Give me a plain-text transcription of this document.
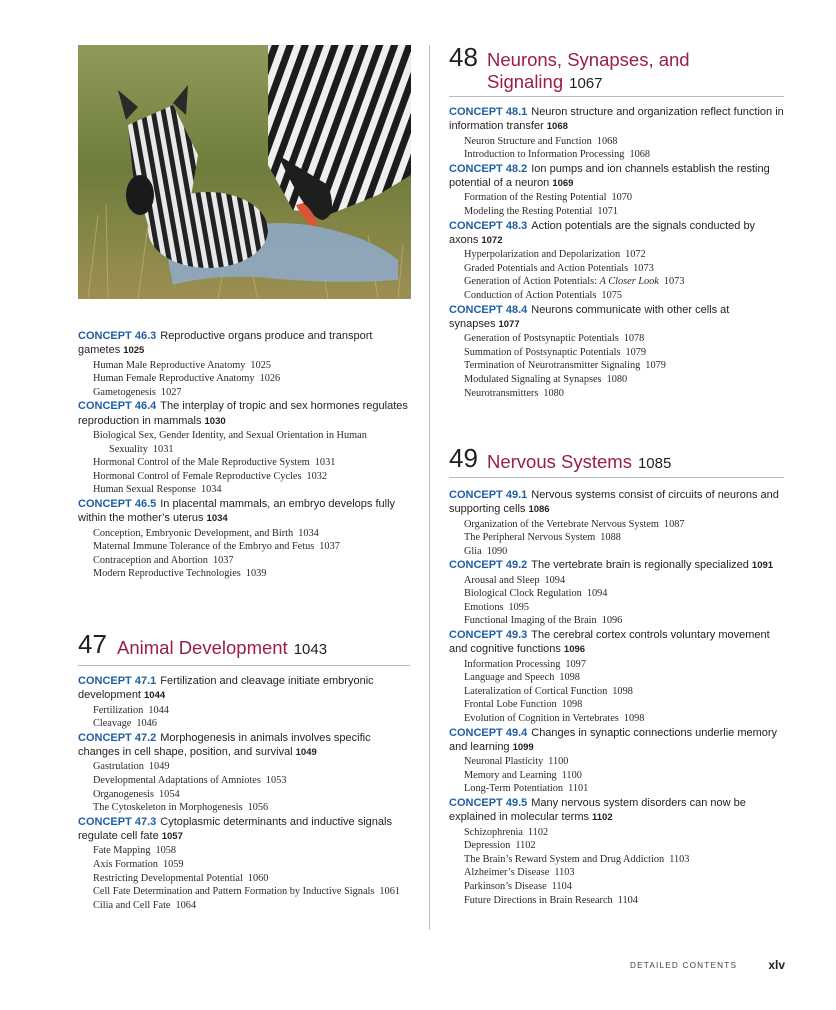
CONCEPT 46.3 Reproductive organs produce and transport gametes 1025

Human Male Reproductive Anatomy 1025

Human Female Reproductive Anatomy 1026

Gametogenesis 1027

CONCEPT 46.4 The interplay of tropic and sex hormones regulates reproduction in mammals 1030

Biological Sex, Gender Identity, and Sexual Orientation in Human Sexuality 1031

Hormonal Control of the Male Reproductive System 1031

Hormonal Control of Female Reproductive Cycles 1032

Human Sexual Response 1034

CONCEPT 46.5 In placental mammals, an embryo develops fully within the mother’s uterus 1034

Conception, Embryonic Development, and Birth 1034

Maternal Immune Tolerance of the Embryo and Fetus 1037

Contraception and Abortion 1037

Modern Reproductive Technologies 1039

47 Animal Development 1043

CONCEPT 47.1 Fertilization and cleavage initiate embryonic development 1044

Fertilization 1044

Cleavage 1046

CONCEPT 47.2 Morphogenesis in animals involves specific changes in cell shape, position, and survival 1049

Gastrulation 1049

Developmental Adaptations of Amniotes 1053

Organogenesis 1054

The Cytoskeleton in Morphogenesis 1056

CONCEPT 47.3 Cytoplasmic determinants and inductive signals regulate cell fate 1057

Fate Mapping 1058

Axis Formation 1059

Restricting Developmental Potential 1060

Cell Fate Determination and Pattern Formation by Inductive Signals 1061

Cilia and Cell Fate 1064

48 Neurons, Synapses, and
Signaling 1067

CONCEPT 48.1 Neuron structure and organization reflect function in information transfer 1068

Neuron Structure and Function 1068

Introduction to Information Processing 1068

CONCEPT 48.2 Ion pumps and ion channels establish the resting potential of a neuron 1069

Formation of the Resting Potential 1070

Modeling the Resting Potential 1071

CONCEPT 48.3 Action potentials are the signals conducted by axons 1072

Hyperpolarization and Depolarization 1072

Graded Potentials and Action Potentials 1073

Generation of Action Potentials: A Closer Look 1073

Conduction of Action Potentials 1075

CONCEPT 48.4 Neurons communicate with other cells at synapses 1077

Generation of Postsynaptic Potentials 1078

Summation of Postsynaptic Potentials 1079

Termination of Neurotransmitter Signaling 1079

Modulated Signaling at Synapses 1080

Neurotransmitters 1080

49 Nervous Systems 1085

CONCEPT 49.1 Nervous systems consist of circuits of neurons and supporting cells 1086

Organization of the Vertebrate Nervous System 1087

The Peripheral Nervous System 1088

Glia 1090

CONCEPT 49.2 The vertebrate brain is regionally specialized 1091

Arousal and Sleep 1094

Biological Clock Regulation 1094

Emotions 1095

Functional Imaging of the Brain 1096

CONCEPT 49.3 The cerebral cortex controls voluntary movement and cognitive functions 1096

Information Processing 1097

Language and Speech 1098

Lateralization of Cortical Function 1098

Frontal Lobe Function 1098

Evolution of Cognition in Vertebrates 1098

CONCEPT 49.4 Changes in synaptic connections underlie memory and learning 1099

Neuronal Plasticity 1100

Memory and Learning 1100

Long-Term Potentiation 1101

CONCEPT 49.5 Many nervous system disorders can now be explained in molecular terms 1102

Schizophrenia 1102

Depression 1102

The Brain’s Reward System and Drug Addiction 1103

Alzheimer’s Disease 1103

Parkinson’s Disease 1104

Future Directions in Brain Research 1104

DETAILED CONTENTS	xlv
